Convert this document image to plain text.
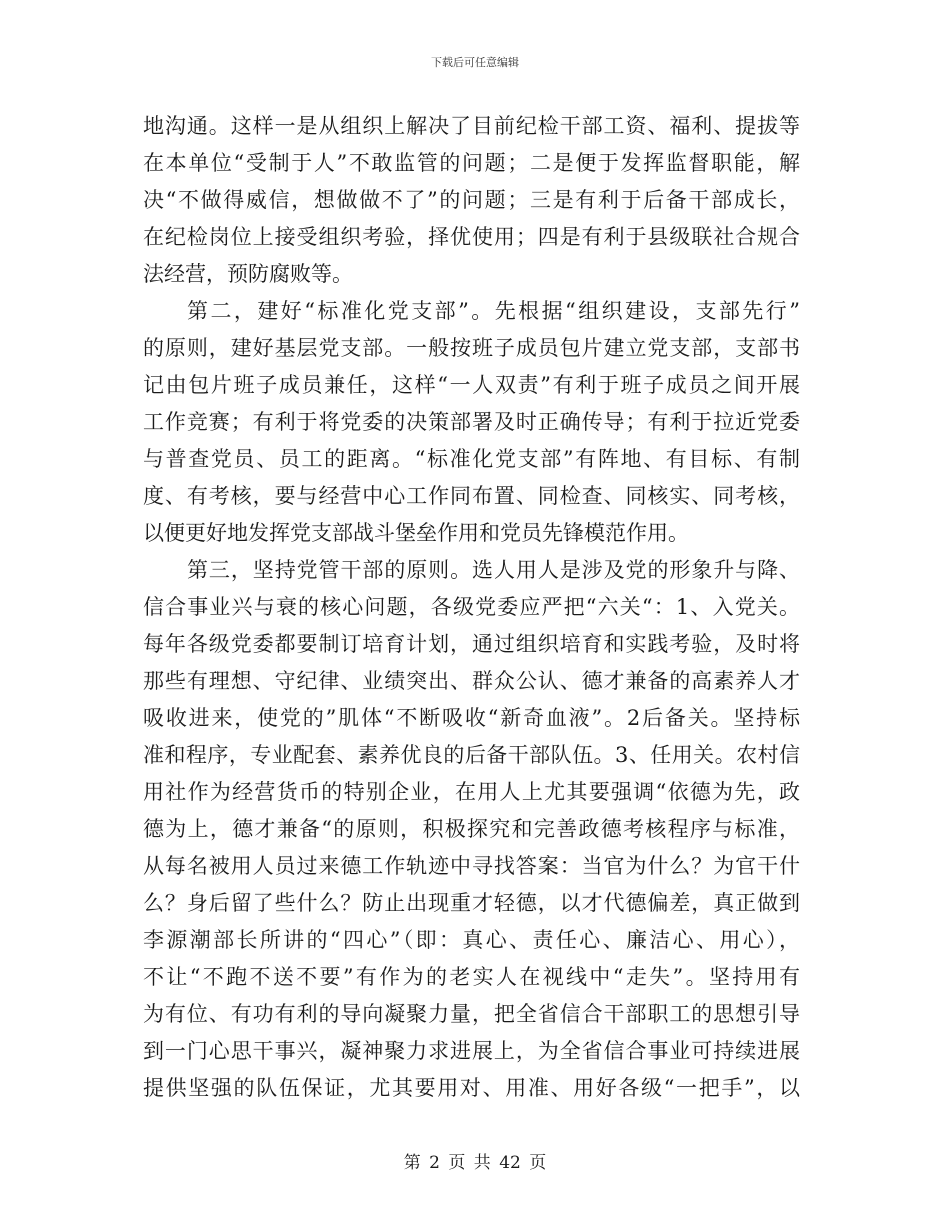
下载后可任意编辑
地沟通。这样一是从组织上解决了目前纪检干部工资、福利、提拔等
在本单位“受制于人”不敢监管的问题；二是便于发挥监督职能，解
决“不做得威信，想做做不了”的问题；三是有利于后备干部成长，
在纪检岗位上接受组织考验，择优使用；四是有利于县级联社合规合
法经营，预防腐败等。
第二，建好“标准化党支部”。先根据“组织建设，支部先行”
的原则，建好基层党支部。一般按班子成员包片建立党支部，支部书
记由包片班子成员兼任，这样“一人双责”有利于班子成员之间开展
工作竞赛；有利于将党委的决策部署及时正确传导；有利于拉近党委
与普查党员、员工的距离。“标准化党支部”有阵地、有目标、有制
度、有考核，要与经营中心工作同布置、同检查、同核实、同考核，
以便更好地发挥党支部战斗堡垒作用和党员先锋模范作用。
第三，坚持党管干部的原则。选人用人是涉及党的形象升与降、
信合事业兴与衰的核心问题，各级党委应严把“六关“：1、入党关。
每年各级党委都要制订培育计划，通过组织培育和实践考验，及时将
那些有理想、守纪律、业绩突出、群众公认、德才兼备的高素养人才
吸收进来，使党的”肌体“不断吸收“新奇血液”。2后备关。坚持标
准和程序，专业配套、素养优良的后备干部队伍。3、任用关。农村信
用社作为经营货币的特别企业，在用人上尤其要强调“依德为先，政
德为上，德才兼备“的原则，积极探究和完善政德考核程序与标准，
从每名被用人员过来德工作轨迹中寻找答案：当官为什么？为官干什
么？身后留了些什么？防止出现重才轻德，以才代德偏差，真正做到
李源潮部长所讲的“四心”（即：真心、责任心、廉洁心、用心），
不让“不跑不送不要”有作为的老实人在视线中“走失”。坚持用有
为有位、有功有利的导向凝聚力量，把全省信合干部职工的思想引导
到一门心思干事兴，凝神聚力求进展上，为全省信合事业可持续进展
提供坚强的队伍保证，尤其要用对、用准、用好各级“一把手”，以
第 2 页 共 42 页
